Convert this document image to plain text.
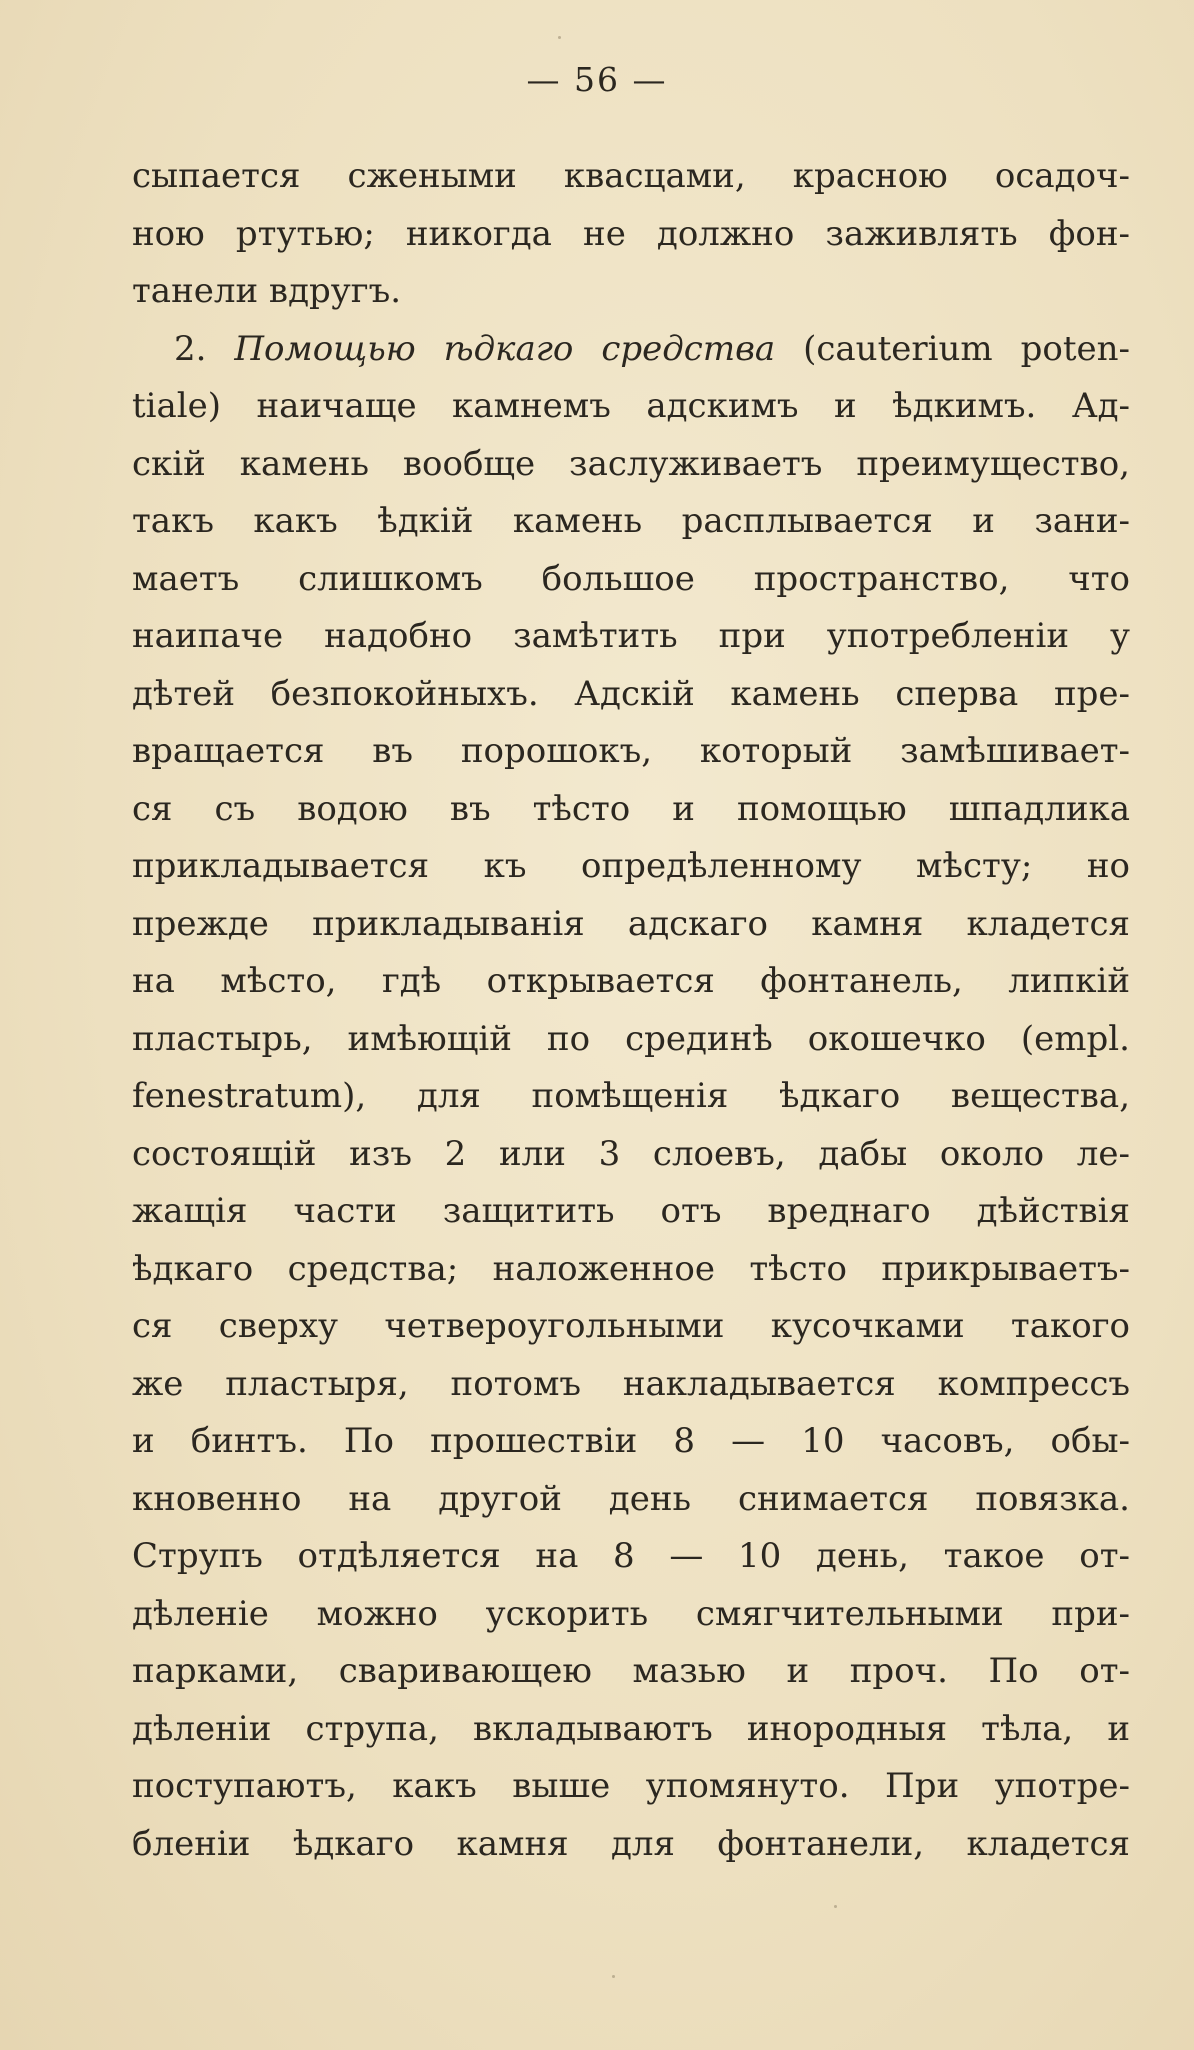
— 56 —
сыпается сжеными квасцами, красною осадоч-
ною ртутью; никогда не должно заживлять фон-
танели вдругъ.
2. Помощью ѣдкаго средства (cauterium poten-
tiale) наичаще камнемъ адскимъ и ѣдкимъ. Ад-
скій камень вообще заслуживаетъ преимущество,
такъ какъ ѣдкій камень расплывается и зани-
маетъ слишкомъ большое пространство, что
наипаче надобно замѣтить при употребленіи у
дѣтей безпокойныхъ. Адскій камень сперва пре-
вращается въ порошокъ, который замѣшивает-
ся съ водою въ тѣсто и помощью шпадлика
прикладывается къ опредѣленному мѣсту; но
прежде прикладыванія адскаго камня кладется
на мѣсто, гдѣ открывается фонтанель, липкій
пластырь, имѣющій по срединѣ окошечко (empl.
fenestratum), для помѣщенія ѣдкаго вещества,
состоящій изъ 2 или 3 слоевъ, дабы около ле-
жащія части защитить отъ вреднаго дѣйствія
ѣдкаго средства; наложенное тѣсто прикрываетъ-
ся сверху четвероугольными кусочками такого
же пластыря, потомъ накладывается компрессъ
и бинтъ. По прошествіи 8 — 10 часовъ, обы-
кновенно на другой день снимается повязка.
Струпъ отдѣляется на 8 — 10 день, такое от-
дѣленіе можно ускорить смягчительными при-
парками, сваривающею мазью и проч. По от-
дѣленіи струпа, вкладываютъ инородныя тѣла, и
поступаютъ, какъ выше упомянуто. При употре-
бленіи ѣдкаго камня для фонтанели, кладется
